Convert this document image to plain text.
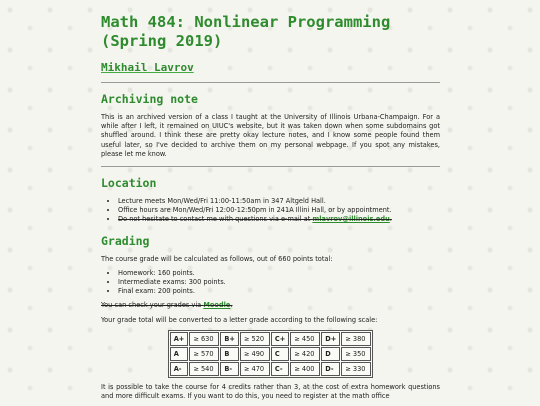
Math 484: Nonlinear Programming (Spring 2019)
Mikhail Lavrov
Archiving note

This is an archived version of a class I taught at the University of Illinois Urbana-Champaign. For a while after I left, it remained on UIUC's website, but it was taken down when some subdomains got shuffled around. I think these are pretty okay lecture notes, and I know some people found them useful later, so I've decided to archive them on my personal webpage. If you spot any mistakes, please let me know.

Location
• Lecture meets Mon/Wed/Fri 11:00-11:50am in 347 Altgeld Hall.
• Office hours are Mon/Wed/Fri 12:00-12:50pm in 241A Illini Hall, or by appointment.
• Do not hesitate to contact me with questions via e-mail at mlavrov@illinois.edu.
Grading

The course grade will be calculated as follows, out of 660 points total:

• Homework: 160 points.
• Intermediate exams: 300 points.
• Final exam: 200 points.

You can check your grades via Moodle.

Your grade total will be converted to a letter grade according to the following scale:

A+	≥ 630	B+	≥ 520	C+	≥ 450	D+	≥ 380
A	≥ 570	B	≥ 490	C	≥ 420	D	≥ 350
A-	≥ 540	B-	≥ 470	C-	≥ 400	D-	≥ 330

It is possible to take the course for 4 credits rather than 3, at the cost of extra homework questions and more difficult exams. If you want to do this, you need to register at the math office
